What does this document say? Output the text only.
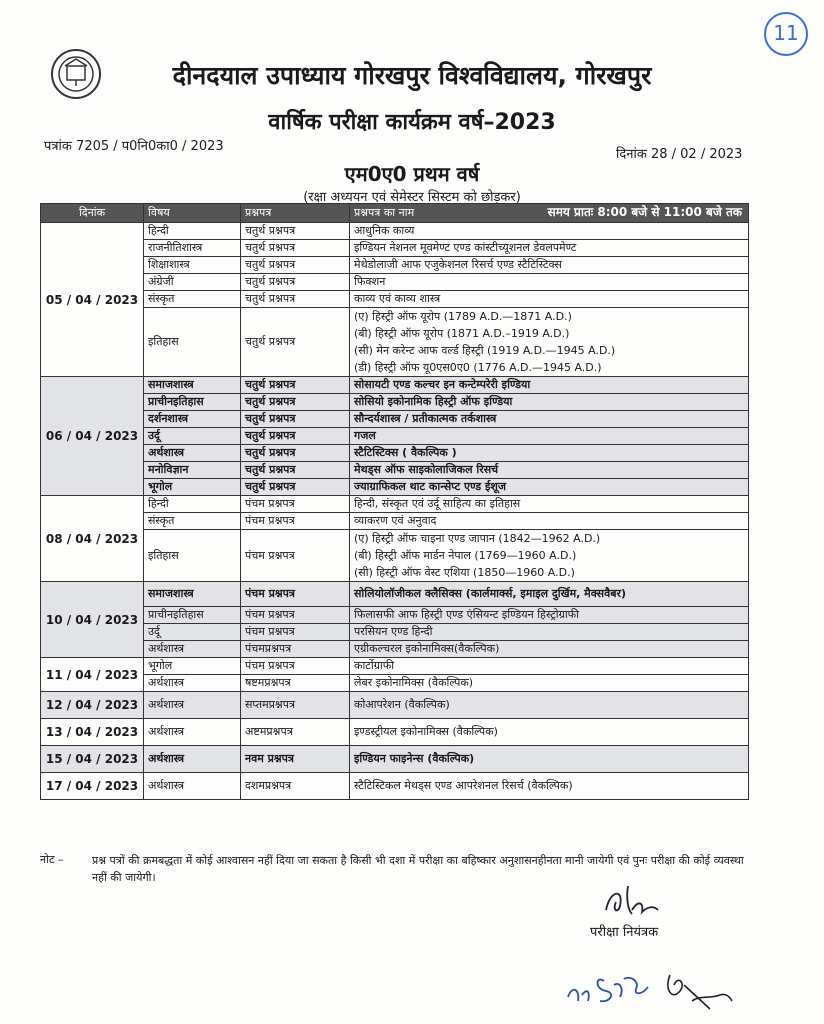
11
दीनदयाल उपाध्याय गोरखपुर विश्वविद्यालय, गोरखपुर
वार्षिक परीक्षा कार्यक्रम वर्ष–2023
पत्रांक 7205 / प0नि0का0 / 2023
दिनांक 28 / 02 / 2023
एम0ए0 प्रथम वर्ष
(रक्षा अध्ययन एवं सेमेस्टर सिस्टम को छोड़कर)
दिनांक	विषय	प्रश्नपत्र	प्रश्नपत्र का नाम समय प्रातः 8:00 बजे से 11:00 बजे तक

05 / 04 / 2023	हिन्दी	चतुर्थ प्रश्नपत्र	आधुनिक काव्य
	राजनीतिशास्त्र	चतुर्थ प्रश्नपत्र	इण्डियन नेशनल मूवमेण्ट एण्ड कांस्टीच्यूशनल डेवलपमेण्ट
	शिक्षाशास्त्र	चतुर्थ प्रश्नपत्र	मेथेडोलाजी आफ एजुकेशनल रिसर्च एण्ड स्टैटिस्टिक्स
	अंग्रेजी	चतुर्थ प्रश्नपत्र	फिक्शन
	संस्कृत	चतुर्थ प्रश्नपत्र	काव्य एवं काव्य शास्त्र
	इतिहास	चतुर्थ प्रश्नपत्र	(ए) हिस्ट्री ऑफ यूरोप (1789 A.D.—1871 A.D.)
(बी) हिस्ट्री ऑफ यूरोप (1871 A.D.–1919 A.D.)
(सी) मेन करेन्ट आफ वर्ल्ड हिस्ट्री (1919 A.D.—1945 A.D.)
(डी) हिस्ट्री ऑफ यू0एस0ए0 (1776 A.D.—1945 A.D.)

06 / 04 / 2023	समाजशास्त्र	चतुर्थ प्रश्नपत्र	सोसायटी एण्ड कल्चर इन कन्टेम्परेरी इण्डिया
	प्राचीनइतिहास	चतुर्थ प्रश्नपत्र	सोसियो इकोनामिक हिस्ट्री ऑफ इण्डिया
	दर्शनशास्त्र	चतुर्थ प्रश्नपत्र	सौन्दर्यशास्त्र / प्रतीकात्मक तर्कशास्त्र
	उर्दू	चतुर्थ प्रश्नपत्र	गजल
	अर्थशास्त्र	चतुर्थ प्रश्नपत्र	स्टैटिस्टिक्स ( वैकल्पिक )
	मनोविज्ञान	चतुर्थ प्रश्नपत्र	मेथड्स ऑफ साइकोलाजिकल रिसर्च
	भूगोल	चतुर्थ प्रश्नपत्र	ज्याग्राफिकल थाट कान्सेप्ट एण्ड ईशूज
08 / 04 / 2023	हिन्दी	पंचम प्रश्नपत्र	हिन्दी, संस्कृत एवं उर्दू साहित्य का इतिहास
	संस्कृत	पंचम प्रश्नपत्र	व्याकरण एवं अनुवाद
	इतिहास	पंचम प्रश्नपत्र	(ए) हिस्ट्री ऑफ चाइना एण्ड जापान (1842—1962 A.D.)
(बी) हिस्ट्री ऑफ मार्डन नेपाल (1769—1960 A.D.)
(सी) हिस्ट्री ऑफ वेस्ट एशिया (1850—1960 A.D.)

10 / 04 / 2023	समाजशास्त्र	पंचम प्रश्नपत्र	सोलियोलॉजीकल क्लैसिक्स (कार्लमार्क्स, इमाइल दुर्खिम, मैक्सवैबर)
	प्राचीनइतिहास	पंचम प्रश्नपत्र	फिलासफी आफ हिस्ट्री एण्ड एंसियन्ट इण्डियन हिस्ट्रोग्राफी
	उर्दू	पंचम प्रश्नपत्र	परसियन एण्ड हिन्दी
	अर्थशास्त्र	पंचमप्रश्नपत्र	एग्रीकल्चरल इकोनामिक्स(वैकल्पिक)
11 / 04 / 2023	भूगोल	पंचम प्रश्नपत्र	कार्टोग्राफी
	अर्थशास्त्र	षष्टमप्रश्नपत्र	लेबर इकोनामिक्स (वैकल्पिक)
12 / 04 / 2023	अर्थशास्त्र	सप्तमप्रश्नपत्र	कोआपरेशन (वैकल्पिक)
13 / 04 / 2023	अर्थशास्त्र	अष्टमप्रश्नपत्र	इण्डस्ट्रीयल इकोनामिक्स (वैकल्पिक)
15 / 04 / 2023	अर्थशास्त्र	नवम प्रश्नपत्र	इण्डियन फाइनेन्स (वैकल्पिक)
17 / 04 / 2023	अर्थशास्त्र	दशमप्रश्नपत्र	स्टैटिस्टिकल मेथड्स एण्ड आपरेशनल रिसर्च (वैकल्पिक)
नोट –	प्रश्न पत्रों की क्रमबद्धता में कोई आश्वासन नहीं दिया जा सकता है किसी भी दशा में परीक्षा का बहिष्कार अनुशासनहीनता मानी जायेगी एवं पुनः परीक्षा की कोई व्यवस्था नहीं की जायेगी।
परीक्षा नियंत्रक
